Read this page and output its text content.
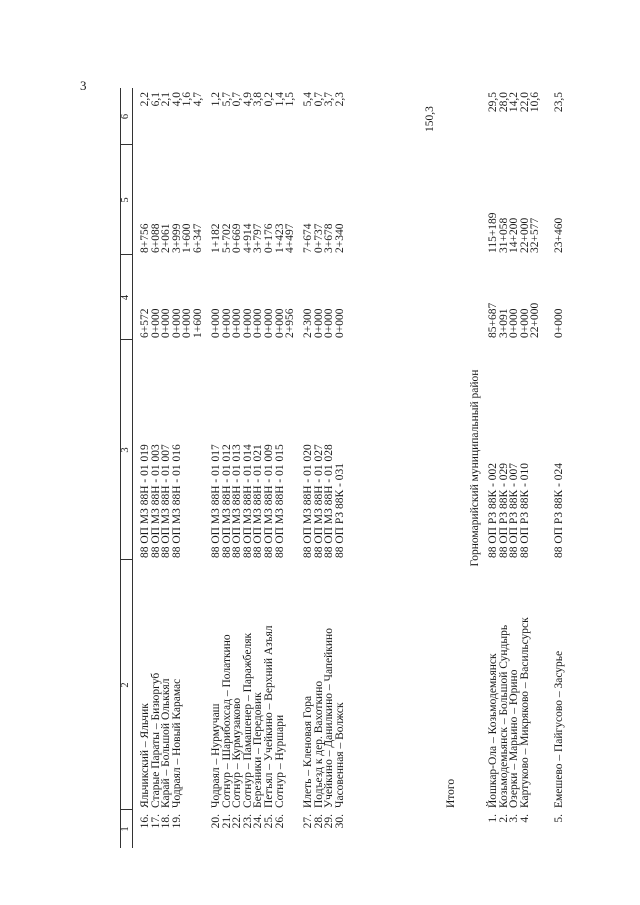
3
1
2
3
4
5
6
16.
Яльчикский – Яльчик
88 ОП МЗ 88Н - 01 019
6+572
8+756
2,2
17.
Старые Параты – Бизюргуб
88 ОП МЗ 88Н - 01 003
0+000
6+088
6,1
18.
Карай – Большой Ольккял
88 ОП МЗ 88Н - 01 007
0+000
2+061
2,1
19.
Чодраял – Новый Карамас
88 ОП МЗ 88Н - 01 016
0+000
3+999
4,0
0+000
1+600
1,6
1+600
6+347
4,7
20.
Чодраял – Нурмучаш
88 ОП МЗ 88Н - 01 017
0+000
1+182
1,2
21.
Сотнур – Шарибохсад – Полаткино
88 ОП МЗ 88Н - 01 012
0+000
5+702
5,7
22.
Сотнур – Курмузаково
88 ОП МЗ 88Н - 01 013
0+000
0+669
0,7
23.
Сотнур – Памашенер – Паражбеляк
88 ОП МЗ 88Н - 01 014
0+000
4+914
4,9
24.
Березники – Передовик
88 ОП МЗ 88Н - 01 021
0+000
3+797
3,8
25.
Петъял – Учейкино – Верхний Азъял
88 ОП МЗ 88Н - 01 009
0+000
0+176
0,2
26.
Сотнур – Нуршари
88 ОП МЗ 88Н - 01 015
0+000
1+423
1,4
2+956
4+497
1,5
27.
Илеть – Кленовая Гора
88 ОП МЗ 88Н - 01 020
2+300
7+674
5,4
28.
Подъезд к дер. Вахоткино
88 ОП МЗ 88Н - 01 027
0+000
0+737
0,7
29.
Учейкино – Данилкино – Чапейкино
88 ОП МЗ 88Н - 01 028
0+000
3+678
3,7
30.
Часовенная – Волжск
88 ОП РЗ 88К - 031
0+000
2+340
2,3
1.
Йошкар-Ола – Козьмодемьянск
88 ОП РЗ 88К - 002
85+687
115+189
29,5
2.
Козьмодемьянск – Большой Сундырь
88 ОП РЗ 88К - 029
3+091
31+058
28,0
3.
Озерки – Марьино – Юрино
88 ОП РЗ 88К - 007
0+000
14+200
14,2
4.
Картуково – Микряково – Васильсурск
88 ОП РЗ 88К - 010
0+000
22+000
22,0
22+000
32+577
10,6
5.
Емешево – Пайгусово – Засурье
88 ОП РЗ 88К - 024
0+000
23+460
23,5
Итого
150,3
Горномарийский муниципальный район
